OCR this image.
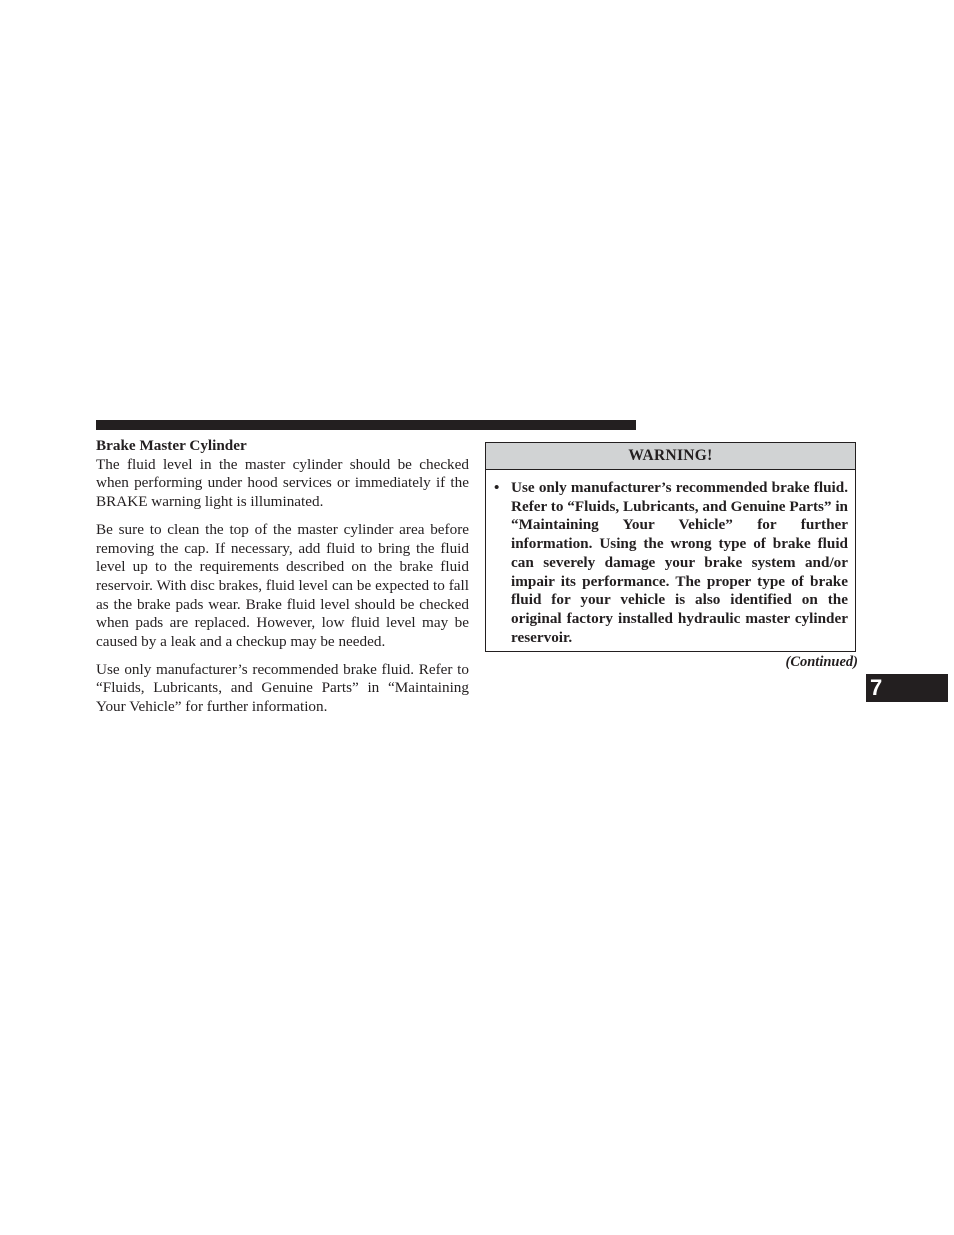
Brake Master Cylinder

The fluid level in the master cylinder should be checked when performing under hood services or immediately if the BRAKE warning light is illuminated.

Be sure to clean the top of the master cylinder area before removing the cap. If necessary, add fluid to bring the fluid level up to the requirements described on the brake fluid reservoir. With disc brakes, fluid level can be expected to fall as the brake pads wear. Brake fluid level should be checked when pads are replaced. However, low fluid level may be caused by a leak and a checkup may be needed.

Use only manufacturer’s recommended brake fluid. Refer to “Fluids, Lubricants, and Genuine Parts” in “Maintaining Your Vehicle” for further information.

WARNING!
• Use only manufacturer’s recommended brake fluid. Refer to “Fluids, Lubricants, and Genuine Parts” in “Maintaining Your Vehicle” for further information. Using the wrong type of brake fluid can severely damage your brake system and/or impair its performance. The proper type of brake fluid for your vehicle is also identified on the original factory installed hydraulic master cylinder reservoir.
(Continued)
7
